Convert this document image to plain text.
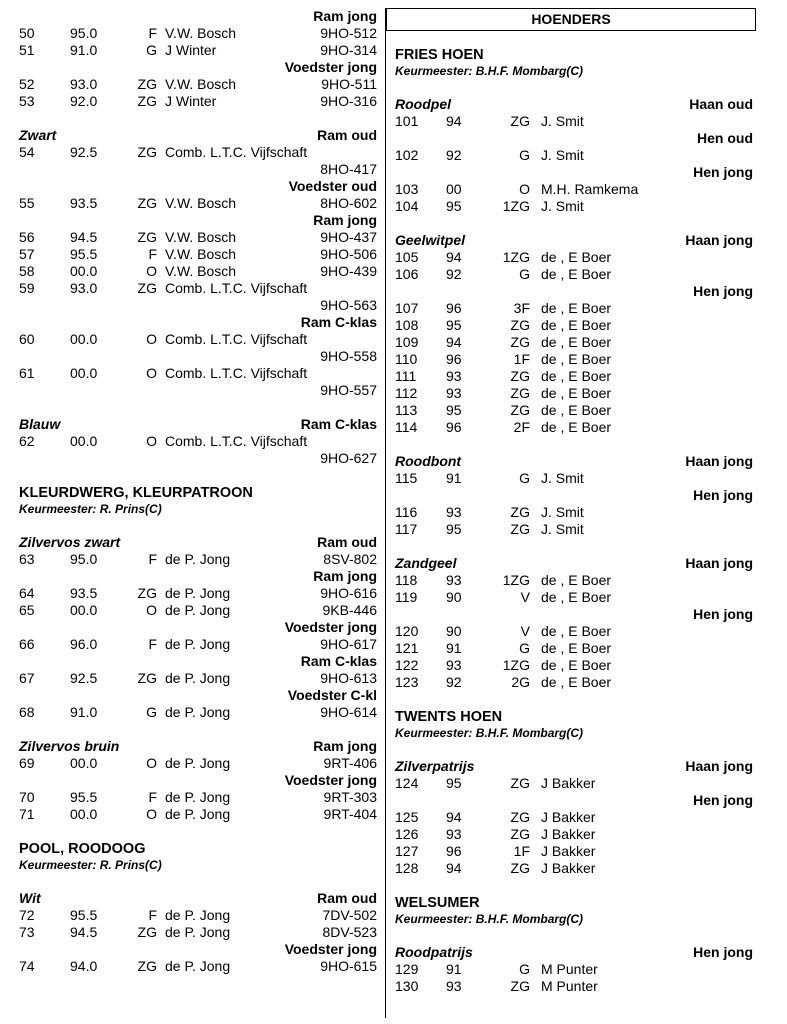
HOENDERS
Ram jong
50	95.0	F V.W. Bosch	9HO-512
51	91.0	G J Winter	9HO-314
Voedster jong
52	93.0	ZG V.W. Bosch	9HO-511
53	92.0	ZG J Winter	9HO-316
Zwart	Ram oud
54	92.5	ZG Comb. L.T.C. Vijfschaft
8HO-417
Voedster oud
55	93.5	ZG V.W. Bosch	8HO-602
Ram jong
56	94.5	ZG V.W. Bosch	9HO-437
57	95.5	F V.W. Bosch	9HO-506
58	00.0	O V.W. Bosch	9HO-439
59	93.0	ZG Comb. L.T.C. Vijfschaft
9HO-563
Ram C-klas
60	00.0	O Comb. L.T.C. Vijfschaft
9HO-558
61	00.0	O Comb. L.T.C. Vijfschaft
9HO-557
Blauw	Ram C-klas
62	00.0	O Comb. L.T.C. Vijfschaft
9HO-627
KLEURDWERG, KLEURPATROON
Keurmeester: R. Prins(C)
Zilvervos zwart	Ram oud
63	95.0	F de P. Jong	8SV-802
Ram jong
64	93.5	ZG de P. Jong	9HO-616
65	00.0	O de P. Jong	9KB-446
Voedster jong
66	96.0	F de P. Jong	9HO-617
Ram C-klas
67	92.5	ZG de P. Jong	9HO-613
Voedster C-kl
68	91.0	G de P. Jong	9HO-614
Zilvervos bruin	Ram jong
69	00.0	O de P. Jong	9RT-406
Voedster jong
70	95.5	F de P. Jong	9RT-303
71	00.0	O de P. Jong	9RT-404
POOL, ROODOOG
Keurmeester: R. Prins(C)
Wit	Ram oud
72	95.5	F de P. Jong	7DV-502
73	94.5	ZG de P. Jong	8DV-523
Voedster jong
74	94.0	ZG de P. Jong	9HO-615
FRIES HOEN
Keurmeester: B.H.F. Mombarg(C)
Roodpel	Haan oud
101 94	ZG J. Smit
Hen oud
102 92	G J. Smit
Hen jong
103 00	O M.H. Ramkema
104 95	1ZG J. Smit
Geelwitpel	Haan jong
105 94	1ZG de , E Boer
106 92	G de , E Boer
Hen jong
107 96	3F de , E Boer
108 95	ZG de , E Boer
109 94	ZG de , E Boer
110 96	1F de , E Boer
111 93	ZG de , E Boer
112 93	ZG de , E Boer
113 95	ZG de , E Boer
114 96	2F de , E Boer
Roodbont	Haan jong
115 91	G J. Smit
Hen jong
116 93	ZG J. Smit
117 95	ZG J. Smit
Zandgeel	Haan jong
118 93	1ZG de , E Boer
119 90	V de , E Boer
Hen jong
120 90	V de , E Boer
121 91	G de , E Boer
122 93	1ZG de , E Boer
123 92	2G de , E Boer
TWENTS HOEN
Keurmeester: B.H.F. Mombarg(C)
Zilverpatrijs	Haan jong
124 95	ZG J Bakker
Hen jong
125 94	ZG J Bakker
126 93	ZG J Bakker
127 96	1F J Bakker
128 94	ZG J Bakker
WELSUMER
Keurmeester: B.H.F. Mombarg(C)
Roodpatrijs	Hen jong
129 91	G M Punter
130 93	ZG M Punter
